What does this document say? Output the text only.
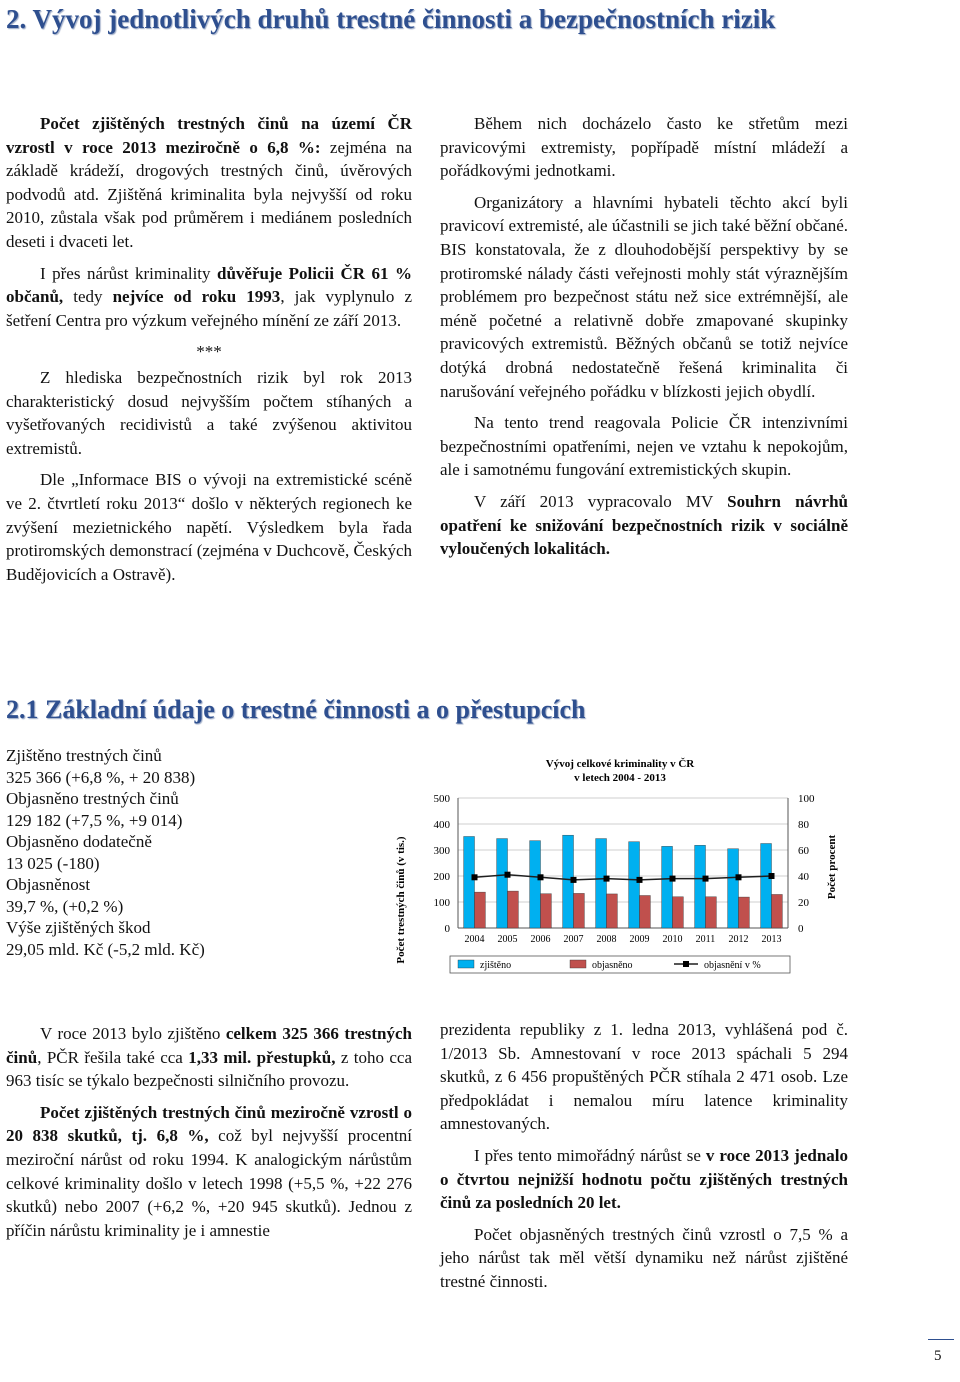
2. Vývoj jednotlivých druhů trestné činnosti a bezpečnostních rizik

Počet zjištěných trestných činů na území ČR vzrostl v roce 2013 meziročně o 6,8 %: zejména na základě krádeží, drogových trestných činů, úvěrových podvodů atd. Zjištěná kriminalita byla nejvyšší od roku 2010, zůstala však pod průměrem i mediánem posledních deseti i dvaceti let.

I přes nárůst kriminality důvěřuje Policii ČR 61 % občanů, tedy nejvíce od roku 1993, jak vyplynulo z šetření Centra pro výzkum veřejného mínění ze září 2013.

***

Z hlediska bezpečnostních rizik byl rok 2013 charakteristický dosud nejvyšším počtem stíhaných a vyšetřovaných recidivistů a také zvýšenou aktivitou extremistů.

Dle „Informace BIS o vývoji na extremistické scéně ve 2. čtvrtletí roku 2013“ došlo v některých regionech ke zvýšení mezietnického napětí. Výsledkem byla řada protiromských demonstrací (zejména v Duchcově, Českých Budějovicích a Ostravě).

Během nich docházelo často ke střetům mezi pravicovými extremisty, popřípadě místní mládeží a pořádkovými jednotkami.

Organizátory a hlavními hybateli těchto akcí byli pravicoví extremisté, ale účastnili se jich také běžní občané. BIS konstatovala, že z dlouhodobější perspektivy by se protiromské nálady části veřejnosti mohly stát výraznějším problémem pro bezpečnost státu než sice extrémnější, ale méně početné a relativně dobře zmapované skupinky pravicových extremistů. Běžných občanů se totiž nejvíce dotýká drobná nedostatečně řešená kriminalita či narušování veřejného pořádku v blízkosti jejich obydlí.

Na tento trend reagovala Policie ČR intenzivními bezpečnostními opatřeními, nejen ve vztahu k nepokojům, ale i samotnému fungování extremistických skupin.

V září 2013 vypracovalo MV Souhrn návrhů opatření ke snižování bezpečnostních rizik v sociálně vyloučených lokalitách.

2.1 Základní údaje o trestné činnosti a o přestupcích
Zjištěno trestných činů
325 366 (+6,8 %, + 20 838)
Objasněno trestných činů
129 182 (+7,5 %, +9 014)
Objasněno dodatečně
13 025 (-180)
Objasněnost
39,7 %, (+0,2 %)
Výše zjištěných škod
29,05 mld. Kč (-5,2 mld. Kč)
Vývoj celkové kriminality v ČR
v letech 2004 - 2013
Počet trestných činů (v tis.)	Počet procent
0
100
200
300
400
500
0
20
40
60
80
100
2004 2005 2006 2007 2008 2009 2010 2011 2012 2013
zjištěno	objasněno	objasnění v %

V roce 2013 bylo zjištěno celkem 325 366 trestných činů, PČR řešila také cca 1,33 mil. přestupků, z toho cca 963 tisíc se týkalo bezpečnosti silničního provozu.

Počet zjištěných trestných činů meziročně vzrostl o 20 838 skutků, tj. 6,8 %, což byl nejvyšší procentní meziroční nárůst od roku 1994. K analogickým nárůstům celkové kriminality došlo v letech 1998 (+5,5 %, +22 276 skutků) nebo 2007 (+6,2 %, +20 945 skutků). Jednou z příčin nárůstu kriminality je i amnestie

prezidenta republiky z 1. ledna 2013, vyhlášená pod č. 1/2013 Sb. Amnestovaní v roce 2013 spáchali 5 294 skutků, z 6 456 propuštěných PČR stíhala 2 471 osob. Lze předpokládat i nemalou míru latence kriminality amnestovaných.

I přes tento mimořádný nárůst se v roce 2013 jednalo o čtvrtou nejnižší hodnotu počtu zjištěných trestných činů za posledních 20 let.

Počet objasněných trestných činů vzrostl o 7,5 % a jeho nárůst tak měl větší dynamiku než nárůst zjištěné trestné činnosti.

5
